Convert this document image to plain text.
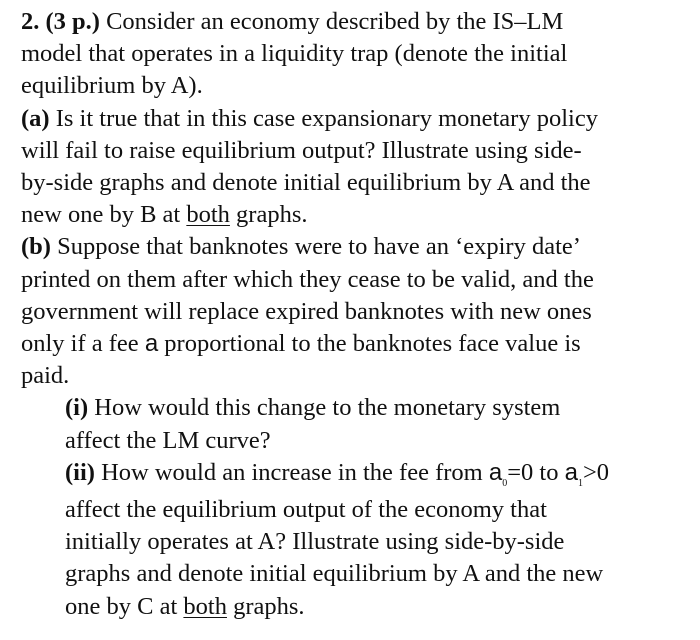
2. (3 p.) Consider an economy described by the IS–LM
model that operates in a liquidity trap (denote the initial
equilibrium by A).
(a) Is it true that in this case expansionary monetary policy
will fail to raise equilibrium output? Illustrate using side-
by-side graphs and denote initial equilibrium by A and the
new one by B at both graphs.
(b) Suppose that banknotes were to have an ‘expiry date’
printed on them after which they cease to be valid, and the
government will replace expired banknotes with new ones
only if a fee a proportional to the banknotes face value is
paid.
(i) How would this change to the monetary system
affect the LM curve?
(ii) How would an increase in the fee from $a_0=0$ to $a_1>0$
affect the equilibrium output of the economy that
initially operates at A? Illustrate using side-by-side
graphs and denote initial equilibrium by A and the new
one by C at both graphs.
